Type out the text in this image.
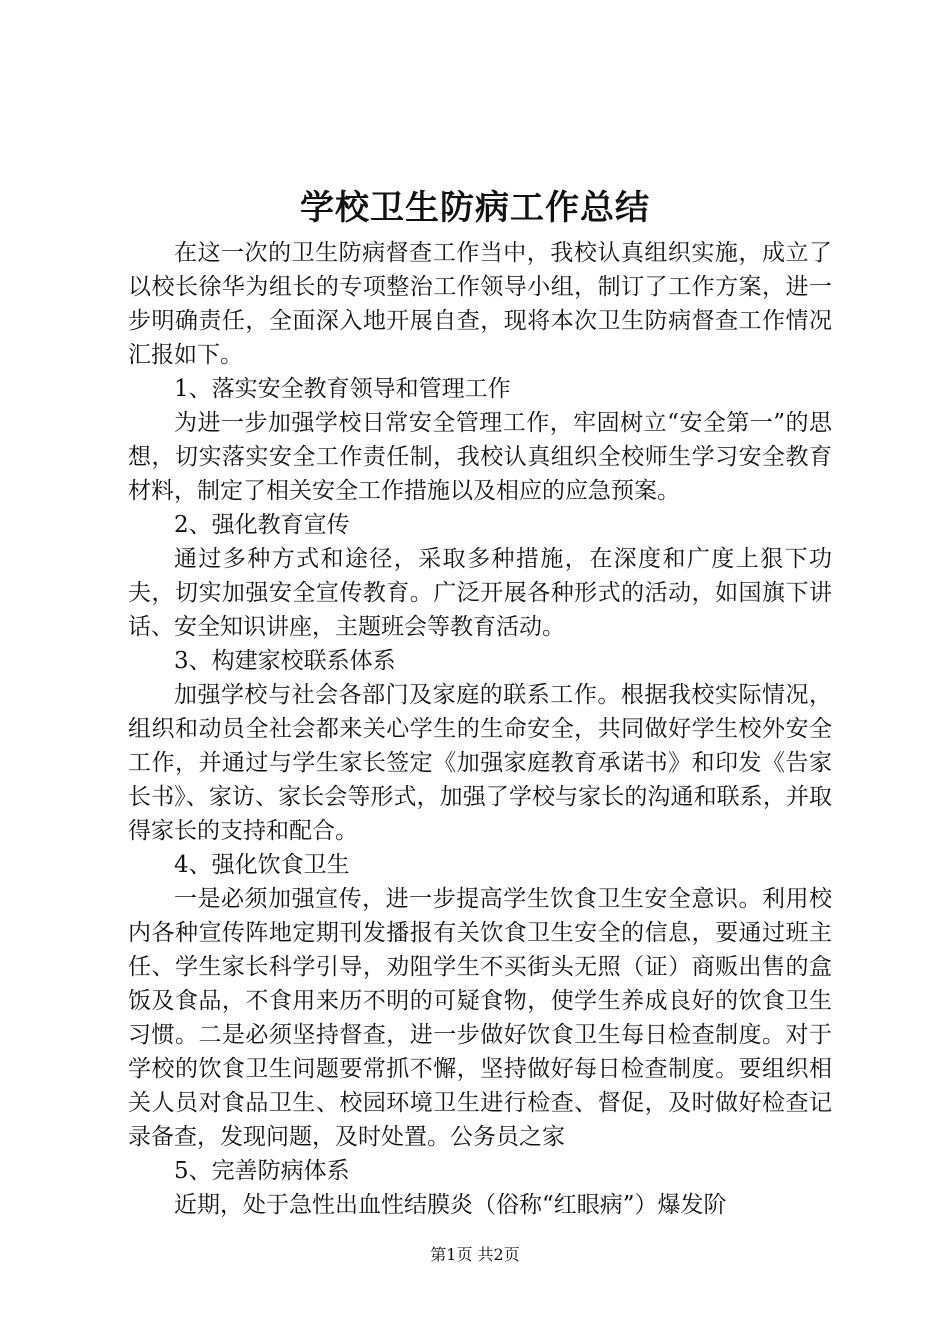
学校卫生防病工作总结

在这一次的卫生防病督查工作当中，我校认真组织实施，成立了以校长徐华为组长的专项整治工作领导小组，制订了工作方案，进一步明确责任，全面深入地开展自查，现将本次卫生防病督查工作情况汇报如下。

1、落实安全教育领导和管理工作

为进一步加强学校日常安全管理工作，牢固树立“安全第一”的思想，切实落实安全工作责任制，我校认真组织全校师生学习安全教育材料，制定了相关安全工作措施以及相应的应急预案。

2、强化教育宣传

通过多种方式和途径，采取多种措施，在深度和广度上狠下功夫，切实加强安全宣传教育。广泛开展各种形式的活动，如国旗下讲话、安全知识讲座，主题班会等教育活动。

3、构建家校联系体系

加强学校与社会各部门及家庭的联系工作。根据我校实际情况，组织和动员全社会都来关心学生的生命安全，共同做好学生校外安全工作，并通过与学生家长签定《加强家庭教育承诺书》和印发《告家长书》、家访、家长会等形式，加强了学校与家长的沟通和联系，并取得家长的支持和配合。

4、强化饮食卫生

一是必须加强宣传，进一步提高学生饮食卫生安全意识。利用校内各种宣传阵地定期刊发播报有关饮食卫生安全的信息，要通过班主任、学生家长科学引导，劝阻学生不买街头无照（证）商贩出售的盒饭及食品，不食用来历不明的可疑食物，使学生养成良好的饮食卫生习惯。二是必须坚持督查，进一步做好饮食卫生每日检查制度。对于学校的饮食卫生问题要常抓不懈，坚持做好每日检查制度。要组织相关人员对食品卫生、校园环境卫生进行检查、督促，及时做好检查记录备查，发现问题，及时处置。公务员之家

5、完善防病体系

近期，处于急性出血性结膜炎（俗称“红眼病”）爆发阶

第1页 共2页
